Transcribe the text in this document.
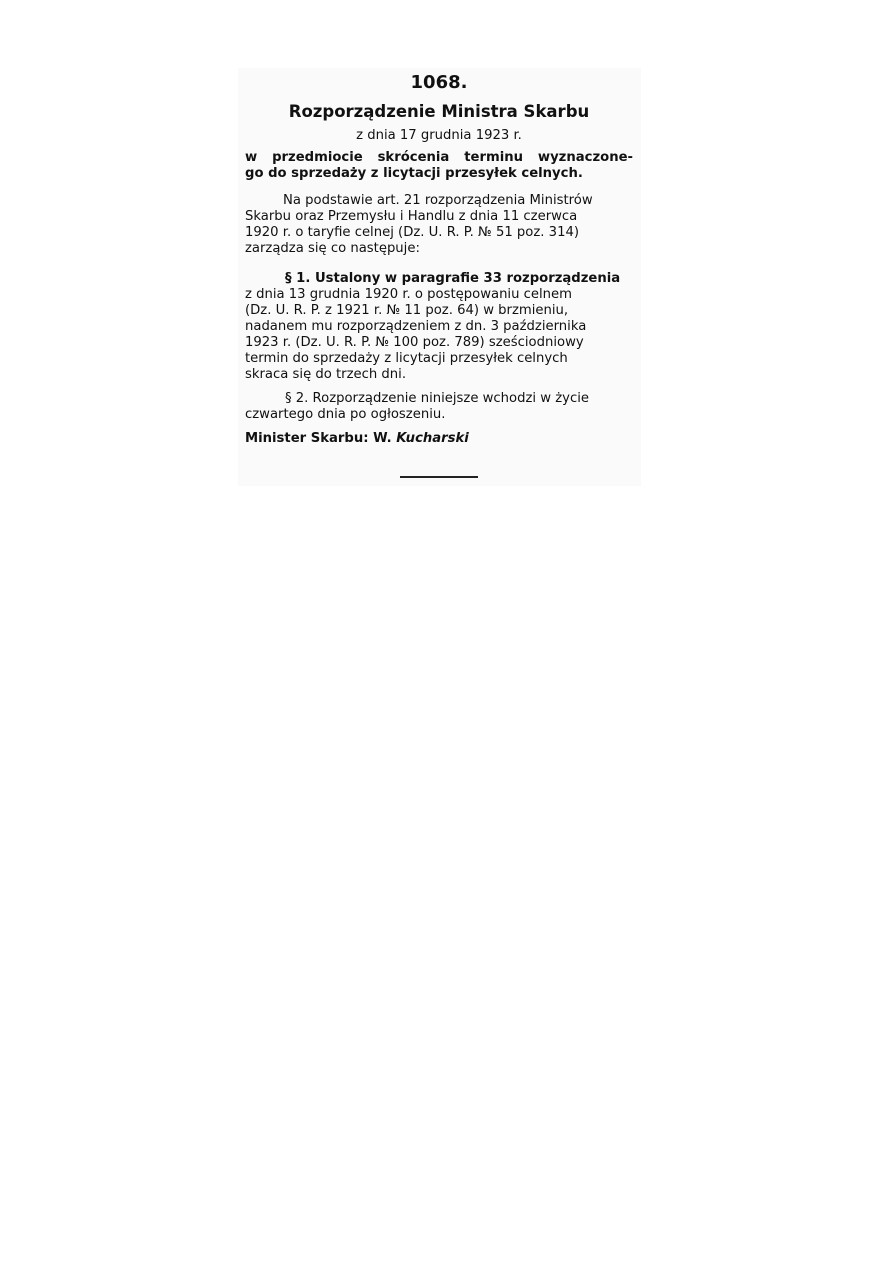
1068.
Rozporządzenie Ministra Skarbu
z dnia 17 grudnia 1923 r.
w przedmiocie skrócenia terminu wyznaczone-
go do sprzedaży z licytacji przesyłek celnych.
Na podstawie art. 21 rozporządzenia Ministrów
Skarbu oraz Przemysłu i Handlu z dnia 11 czerwca
1920 r. o taryfie celnej (Dz. U. R. P. № 51 poz. 314)
zarządza się co następuje:
§ 1. Ustalony w paragrafie 33 rozporządzenia
z dnia 13 grudnia 1920 r. o postępowaniu celnem
(Dz. U. R. P. z 1921 r. № 11 poz. 64) w brzmieniu,
nadanem mu rozporządzeniem z dn. 3 października
1923 r. (Dz. U. R. P. № 100 poz. 789) sześciodniowy
termin do sprzedaży z licytacji przesyłek celnych
skraca się do trzech dni.
§ 2. Rozporządzenie niniejsze wchodzi w życie
czwartego dnia po ogłoszeniu.
Minister Skarbu: W. Kucharski
